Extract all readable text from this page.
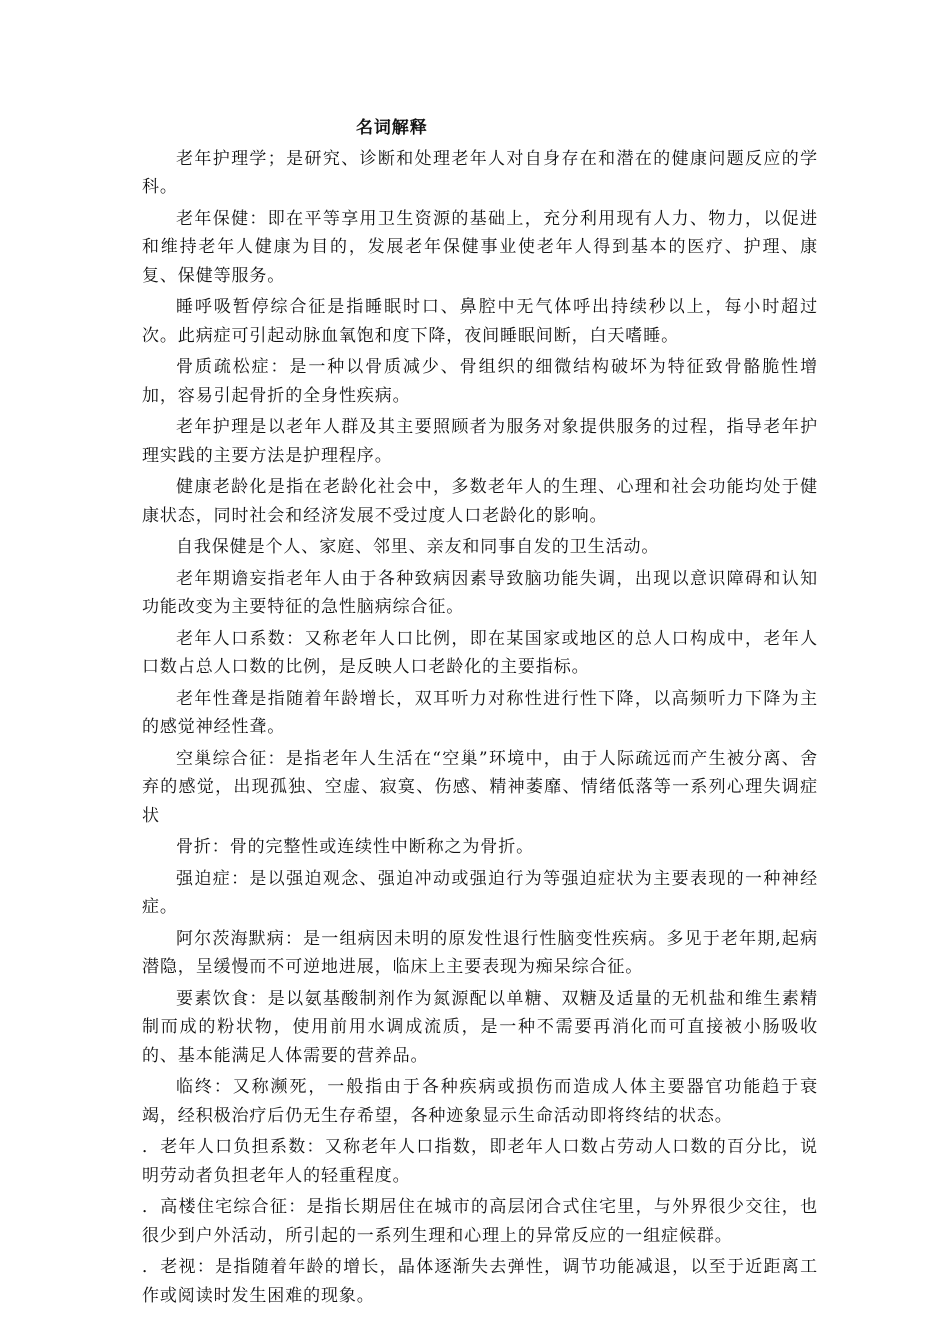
名词解释

老年护理学；是研究、诊断和处理老年人对自身存在和潜在的健康问题反应的学科。

老年保健：即在平等享用卫生资源的基础上，充分利用现有人力、物力，以促进和维持老年人健康为目的，发展老年保健事业使老年人得到基本的医疗、护理、康复、保健等服务。

睡呼吸暂停综合征是指睡眠时口、鼻腔中无气体呼出持续秒以上，每小时超过次。此病症可引起动脉血氧饱和度下降，夜间睡眠间断，白天嗜睡。

骨质疏松症：是一种以骨质减少、骨组织的细微结构破坏为特征致骨骼脆性增加，容易引起骨折的全身性疾病。

老年护理是以老年人群及其主要照顾者为服务对象提供服务的过程，指导老年护理实践的主要方法是护理程序。

健康老龄化是指在老龄化社会中，多数老年人的生理、心理和社会功能均处于健康状态，同时社会和经济发展不受过度人口老龄化的影响。

自我保健是个人、家庭、邻里、亲友和同事自发的卫生活动。

老年期谵妄指老年人由于各种致病因素导致脑功能失调，出现以意识障碍和认知功能改变为主要特征的急性脑病综合征。

老年人口系数：又称老年人口比例，即在某国家或地区的总人口构成中，老年人口数占总人口数的比例，是反映人口老龄化的主要指标。

老年性聋是指随着年龄增长，双耳听力对称性进行性下降，以高频听力下降为主的感觉神经性聋。

空巢综合征：是指老年人生活在“空巢”环境中，由于人际疏远而产生被分离、舍弃的感觉，出现孤独、空虚、寂寞、伤感、精神萎靡、情绪低落等一系列心理失调症状

骨折：骨的完整性或连续性中断称之为骨折。

强迫症：是以强迫观念、强迫冲动或强迫行为等强迫症状为主要表现的一种神经症。

阿尔茨海默病：是一组病因未明的原发性退行性脑变性疾病。多见于老年期,起病潜隐，呈缓慢而不可逆地进展，临床上主要表现为痴呆综合征。

要素饮食：是以氨基酸制剂作为氮源配以单糖、双糖及适量的无机盐和维生素精制而成的粉状物，使用前用水调成流质，是一种不需要再消化而可直接被小肠吸收的、基本能满足人体需要的营养品。

临终：又称濒死，一般指由于各种疾病或损伤而造成人体主要器官功能趋于衰竭，经积极治疗后仍无生存希望，各种迹象显示生命活动即将终结的状态。

．老年人口负担系数：又称老年人口指数，即老年人口数占劳动人口数的百分比，说明劳动者负担老年人的轻重程度。

．高楼住宅综合征：是指长期居住在城市的高层闭合式住宅里，与外界很少交往，也很少到户外活动，所引起的一系列生理和心理上的异常反应的一组症候群。

．老视：是指随着年龄的增长，晶体逐渐失去弹性，调节功能减退，以至于近距离工作或阅读时发生困难的现象。
